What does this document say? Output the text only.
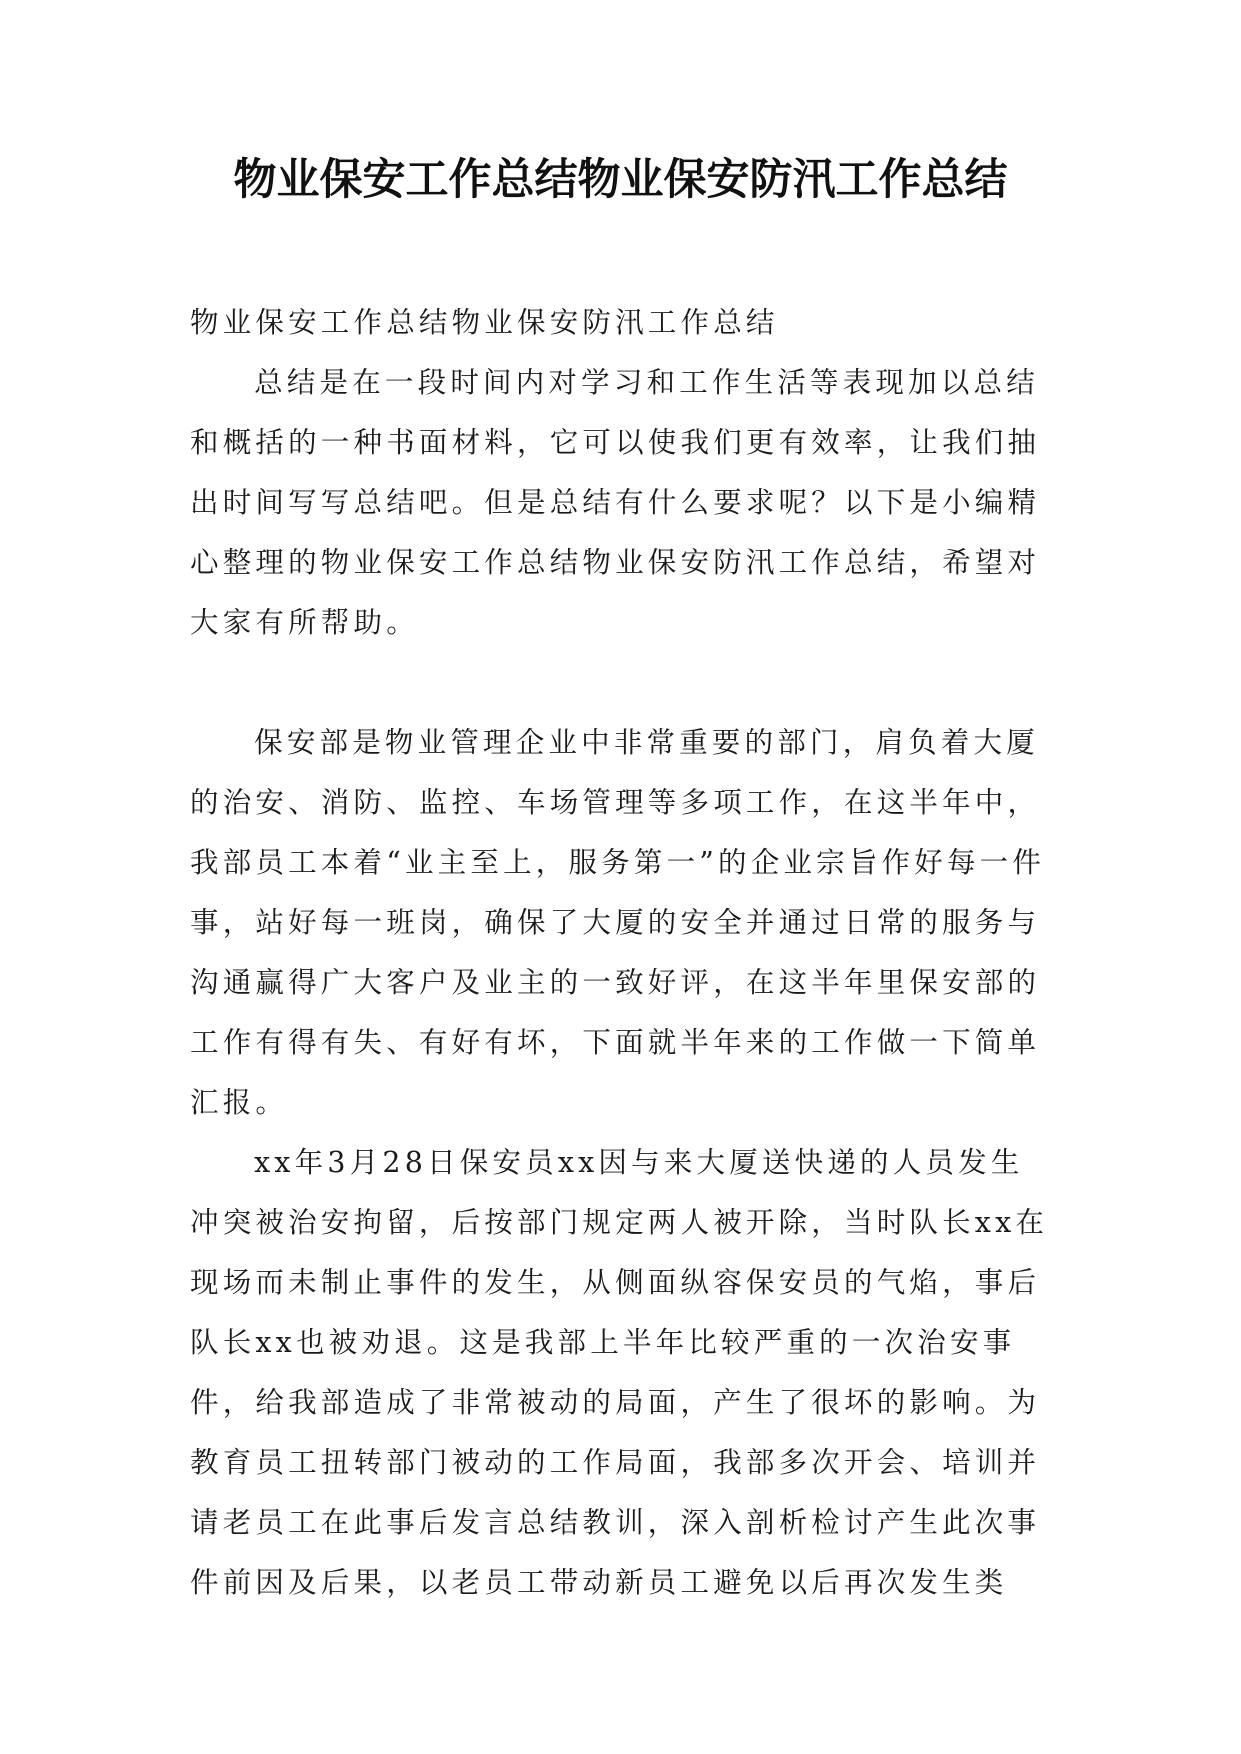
物业保安工作总结物业保安防汛工作总结

物业保安工作总结物业保安防汛工作总结

总结是在一段时间内对学习和工作生活等表现加以总结和概括的一种书面材料，它可以使我们更有效率，让我们抽出时间写写总结吧。但是总结有什么要求呢？以下是小编精心整理的物业保安工作总结物业保安防汛工作总结，希望对大家有所帮助。

保安部是物业管理企业中非常重要的部门，肩负着大厦的治安、消防、监控、车场管理等多项工作，在这半年中，我部员工本着“业主至上，服务第一”的企业宗旨作好每一件事，站好每一班岗，确保了大厦的安全并通过日常的服务与沟通赢得广大客户及业主的一致好评，在这半年里保安部的工作有得有失、有好有坏，下面就半年来的工作做一下简单汇报。

xx年3月28日保安员xx因与来大厦送快递的人员发生冲突被治安拘留，后按部门规定两人被开除，当时队长xx在现场而未制止事件的发生，从侧面纵容保安员的气焰，事后队长xx也被劝退。这是我部上半年比较严重的一次治安事件，给我部造成了非常被动的局面，产生了很坏的影响。为教育员工扭转部门被动的工作局面，我部多次开会、培训并请老员工在此事后发言总结教训，深入剖析检讨产生此次事件前因及后果，以老员工带动新员工避免以后再次发生类
